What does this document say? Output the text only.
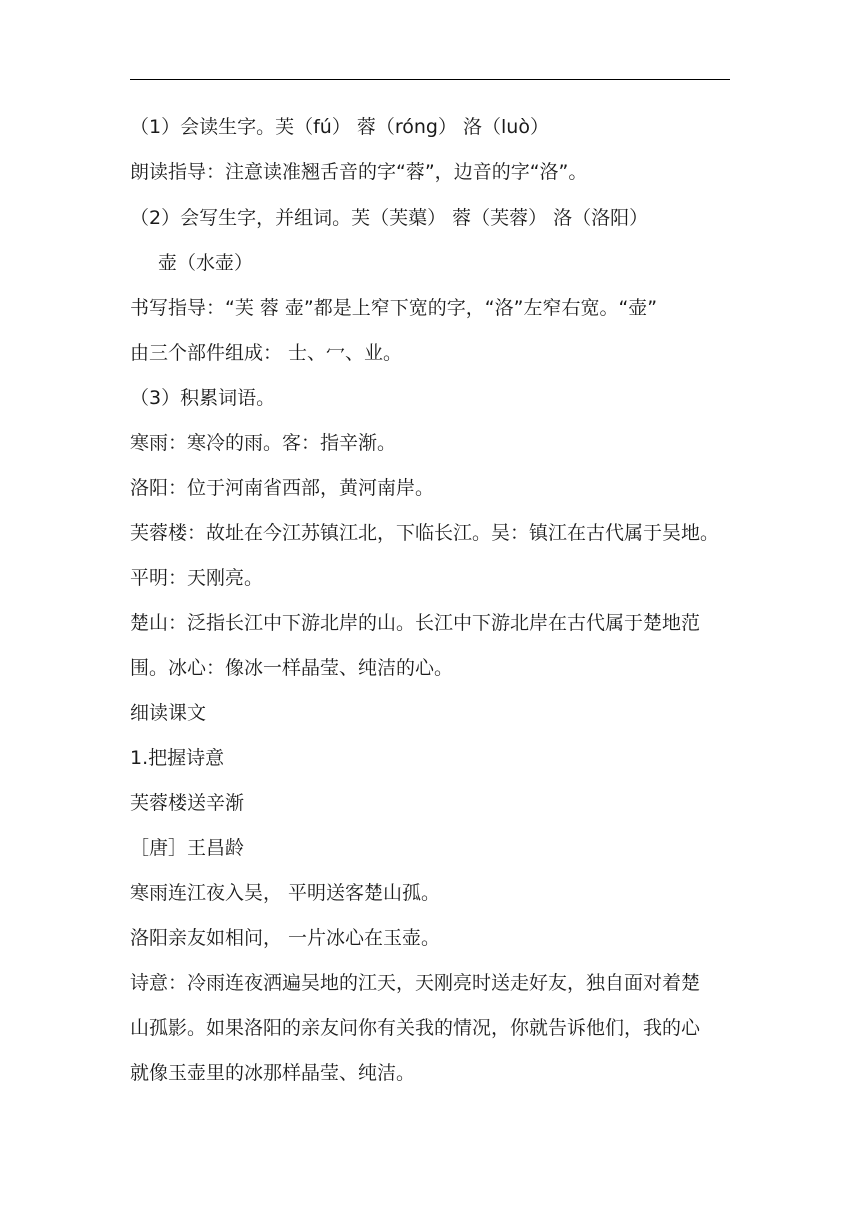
（1）会读生字。芙（fú） 蓉（róng） 洛（luò）
朗读指导：注意读准翘舌音的字“蓉”，边音的字“洛”。
（2）会写生字，并组词。芙（芙蕖） 蓉（芙蓉） 洛（洛阳）
壶（水壶）
书写指导：“芙 蓉 壶”都是上窄下宽的字，“洛”左窄右宽。“壶”
由三个部件组成： 士、冖、业。
（3）积累词语。
寒雨：寒冷的雨。客：指辛渐。
洛阳：位于河南省西部，黄河南岸。
芙蓉楼：故址在今江苏镇江北，下临长江。吴：镇江在古代属于吴地。
平明：天刚亮。
楚山：泛指长江中下游北岸的山。长江中下游北岸在古代属于楚地范
围。冰心：像冰一样晶莹、纯洁的心。
细读课文
1.把握诗意
芙蓉楼送辛渐
［唐］王昌龄
寒雨连江夜入吴， 平明送客楚山孤。
洛阳亲友如相问， 一片冰心在玉壶。
诗意：冷雨连夜洒遍吴地的江天，天刚亮时送走好友，独自面对着楚
山孤影。如果洛阳的亲友问你有关我的情况，你就告诉他们，我的心
就像玉壶里的冰那样晶莹、纯洁。
